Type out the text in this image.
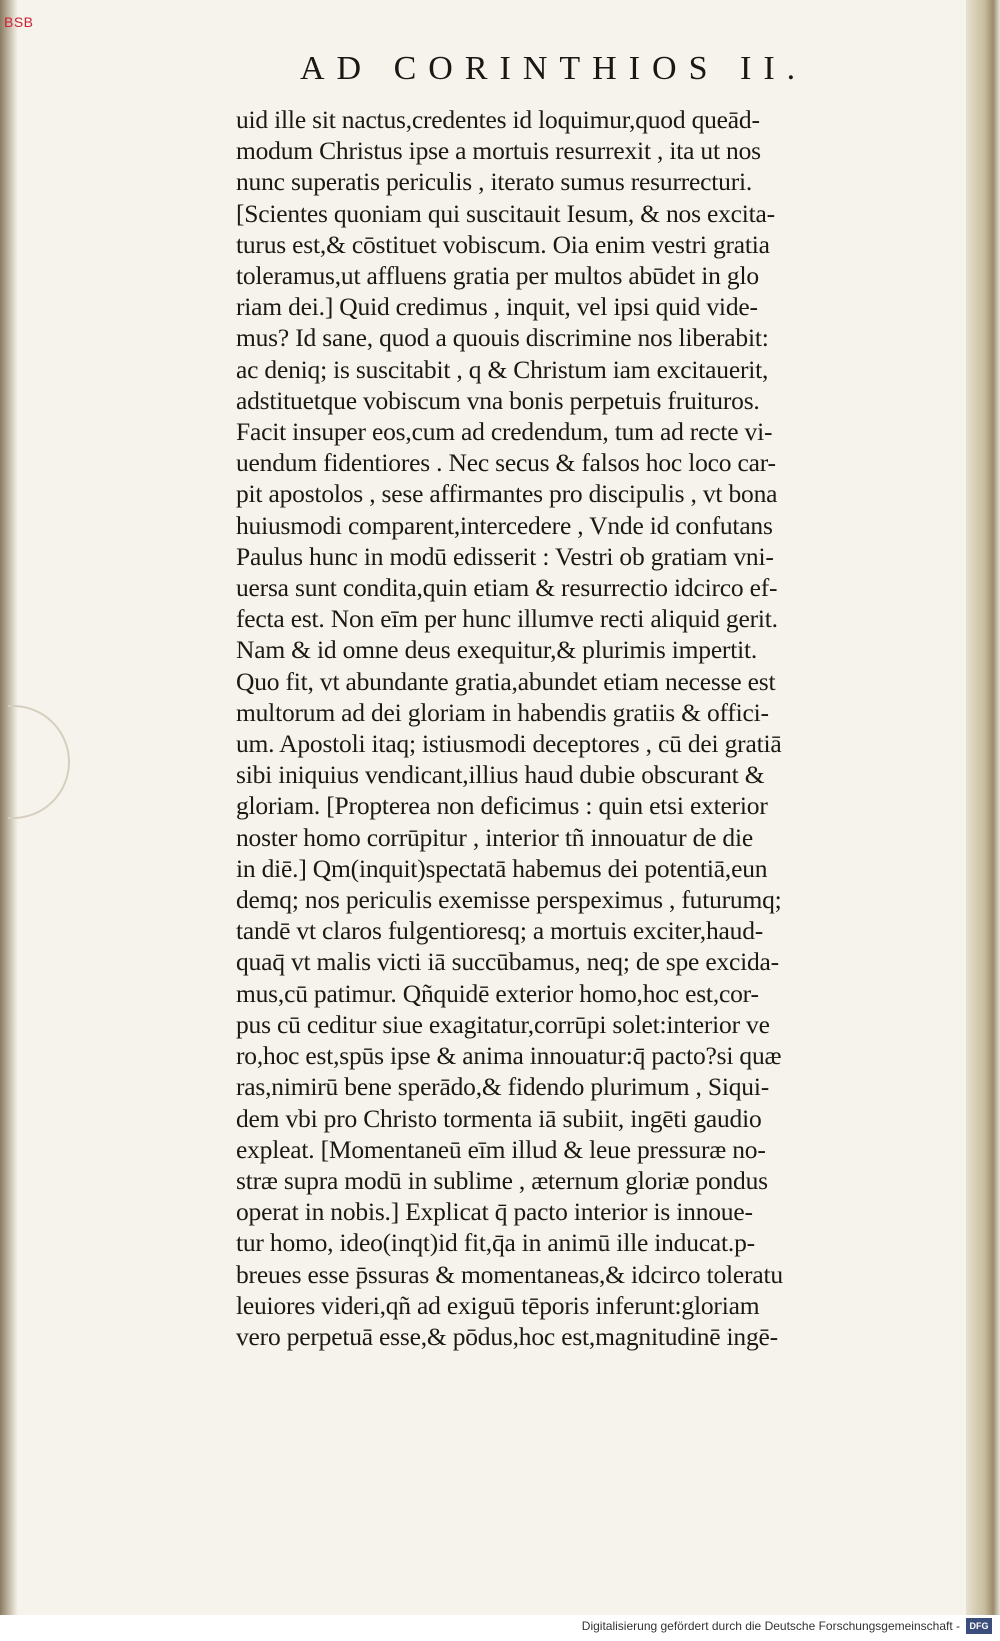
BSB
AD CORINTHIOS II.
uid ille sit nactus,credentes id loquimur,quod queād-
modum Christus ipse a mortuis resurrexit , ita ut nos
nunc superatis periculis , iterato sumus resurrecturi.
[Scientes quoniam qui suscitauit Iesum, & nos excita-
turus est,& cōstituet vobiscum. Oia enim vestri gratia
toleramus,ut affluens gratia per multos abūdet in glo
riam dei.] Quid credimus , inquit, vel ipsi quid vide-
mus? Id sane, quod a quouis discrimine nos liberabit:
ac deniq; is suscitabit , q & Christum iam excitauerit,
adstituetque vobiscum vna bonis perpetuis fruituros.
Facit insuper eos,cum ad credendum, tum ad recte vi-
uendum fidentiores . Nec secus & falsos hoc loco car-
pit apostolos , sese affirmantes pro discipulis , vt bona
huiusmodi comparent,intercedere , Vnde id confutans
Paulus hunc in modū edisserit : Vestri ob gratiam vni-
uersa sunt condita,quin etiam & resurrectio idcirco ef-
fecta est. Non eīm per hunc illumve recti aliquid gerit.
Nam & id omne deus exequitur,& plurimis impertit.
Quo fit, vt abundante gratia,abundet etiam necesse est
multorum ad dei gloriam in habendis gratiis & offici-
um. Apostoli itaq; istiusmodi deceptores , cū dei gratiā
sibi iniquius vendicant,illius haud dubie obscurant &
gloriam. [Propterea non deficimus : quin etsi exterior
noster homo corrūpitur , interior tñ innouatur de die
in diē.] Qm(inquit)spectatā habemus dei potentiā,eun
demq; nos periculis exemisse perspeximus , futurumq;
tandē vt claros fulgentioresq; a mortuis exciter,haud-
quaq̄ vt malis victi iā succūbamus, neq; de spe excida-
mus,cū patimur. Qñquidē exterior homo,hoc est,cor-
pus cū ceditur siue exagitatur,corrūpi solet:interior ve
ro,hoc est,spūs ipse & anima innouatur:q̄ pacto?si quæ
ras,nimirū bene sperādo,& fidendo plurimum , Siqui-
dem vbi pro Christo tormenta iā subiit, ingēti gaudio
expleat. [Momentaneū eīm illud & leue pressuræ no-
stræ supra modū in sublime , æternum gloriæ pondus
operat in nobis.] Explicat q̄ pacto interior is innoue-
tur homo, ideo(inqt)id fit,q̄a in animū ille inducat.p-
breues esse p̄ssuras & momentaneas,& idcirco toleratu
leuiores videri,qñ ad exiguū tēporis inferunt:gloriam
vero perpetuā esse,& pōdus,hoc est,magnitudinē ingē-
Digitalisierung gefördert durch die Deutsche Forschungsgemeinschaft -	DFG
